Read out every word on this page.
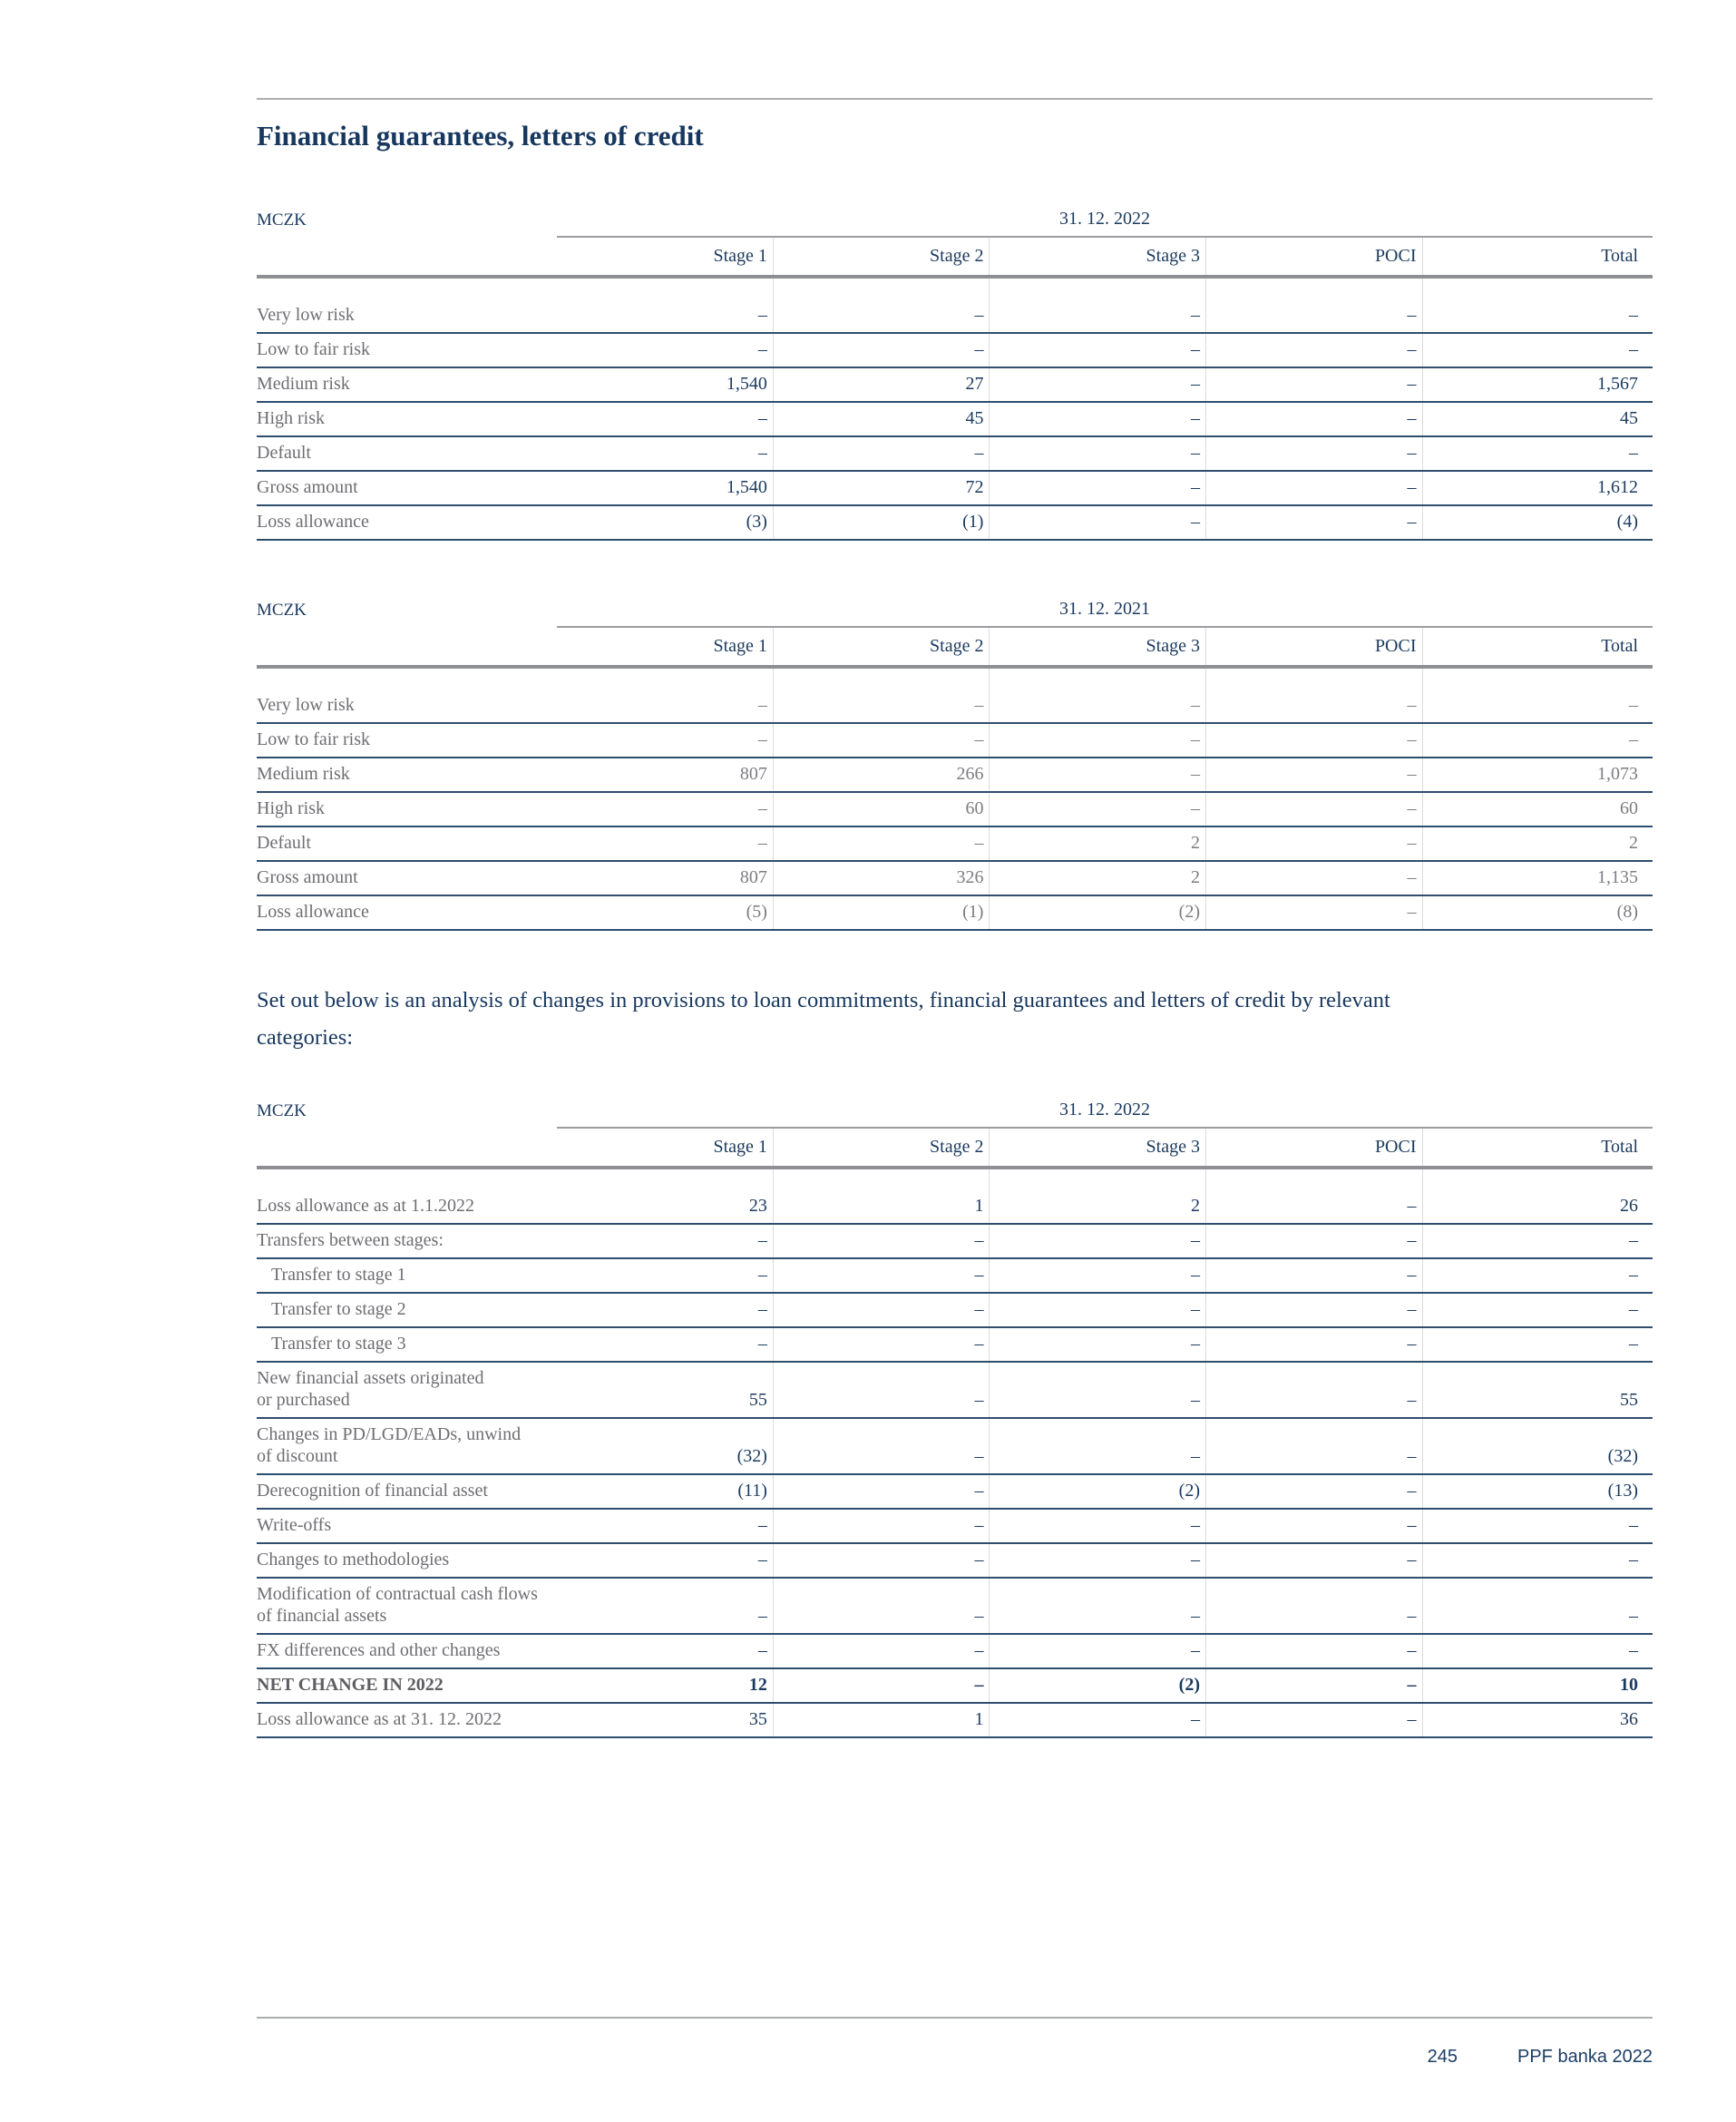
Financial guarantees, letters of credit
MCZK	31. 12. 2022				
	Stage 1	Stage 2	Stage 3	POCI	Total
Very low risk	–	–	–	–	–
Low to fair risk	–	–	–	–	–
Medium risk	1,540	27	–	–	1,567
High risk	–	45	–	–	45
Default	–	–	–	–	–
Gross amount	1,540	72	–	–	1,612
Loss allowance	(3)	(1)	–	–	(4)
MCZK	31. 12. 2021				
	Stage 1	Stage 2	Stage 3	POCI	Total
Very low risk	–	–	–	–	–
Low to fair risk	–	–	–	–	–
Medium risk	807	266	–	–	1,073
High risk	–	60	–	–	60
Default	–	–	2	–	2
Gross amount	807	326	2	–	1,135
Loss allowance	(5)	(1)	(2)	–	(8)

Set out below is an analysis of changes in provisions to loan commitments, financial guarantees and letters of credit by relevant categories:

MCZK	31. 12. 2022				
	Stage 1	Stage 2	Stage 3	POCI	Total
Loss allowance as at 1.1.2022	23	1	2	–	26
Transfers between stages:	–	–	–	–	–
Transfer to stage 1	–	–	–	–	–
Transfer to stage 2	–	–	–	–	–
Transfer to stage 3	–	–	–	–	–
New financial assets originated
or purchased	55	–	–	–	55
Changes in PD/LGD/EADs, unwind
of discount	(32)	–	–	–	(32)
Derecognition of financial asset	(11)	–	(2)	–	(13)
Write-offs	–	–	–	–	–
Changes to methodologies	–	–	–	–	–
Modification of contractual cash flows
of financial assets	–	–	–	–	–
FX differences and other changes	–	–	–	–	–
NET CHANGE IN 2022	12	–	(2)	–	10
Loss allowance as at 31. 12. 2022	35	1	–	–	36
245	PPF banka 2022
